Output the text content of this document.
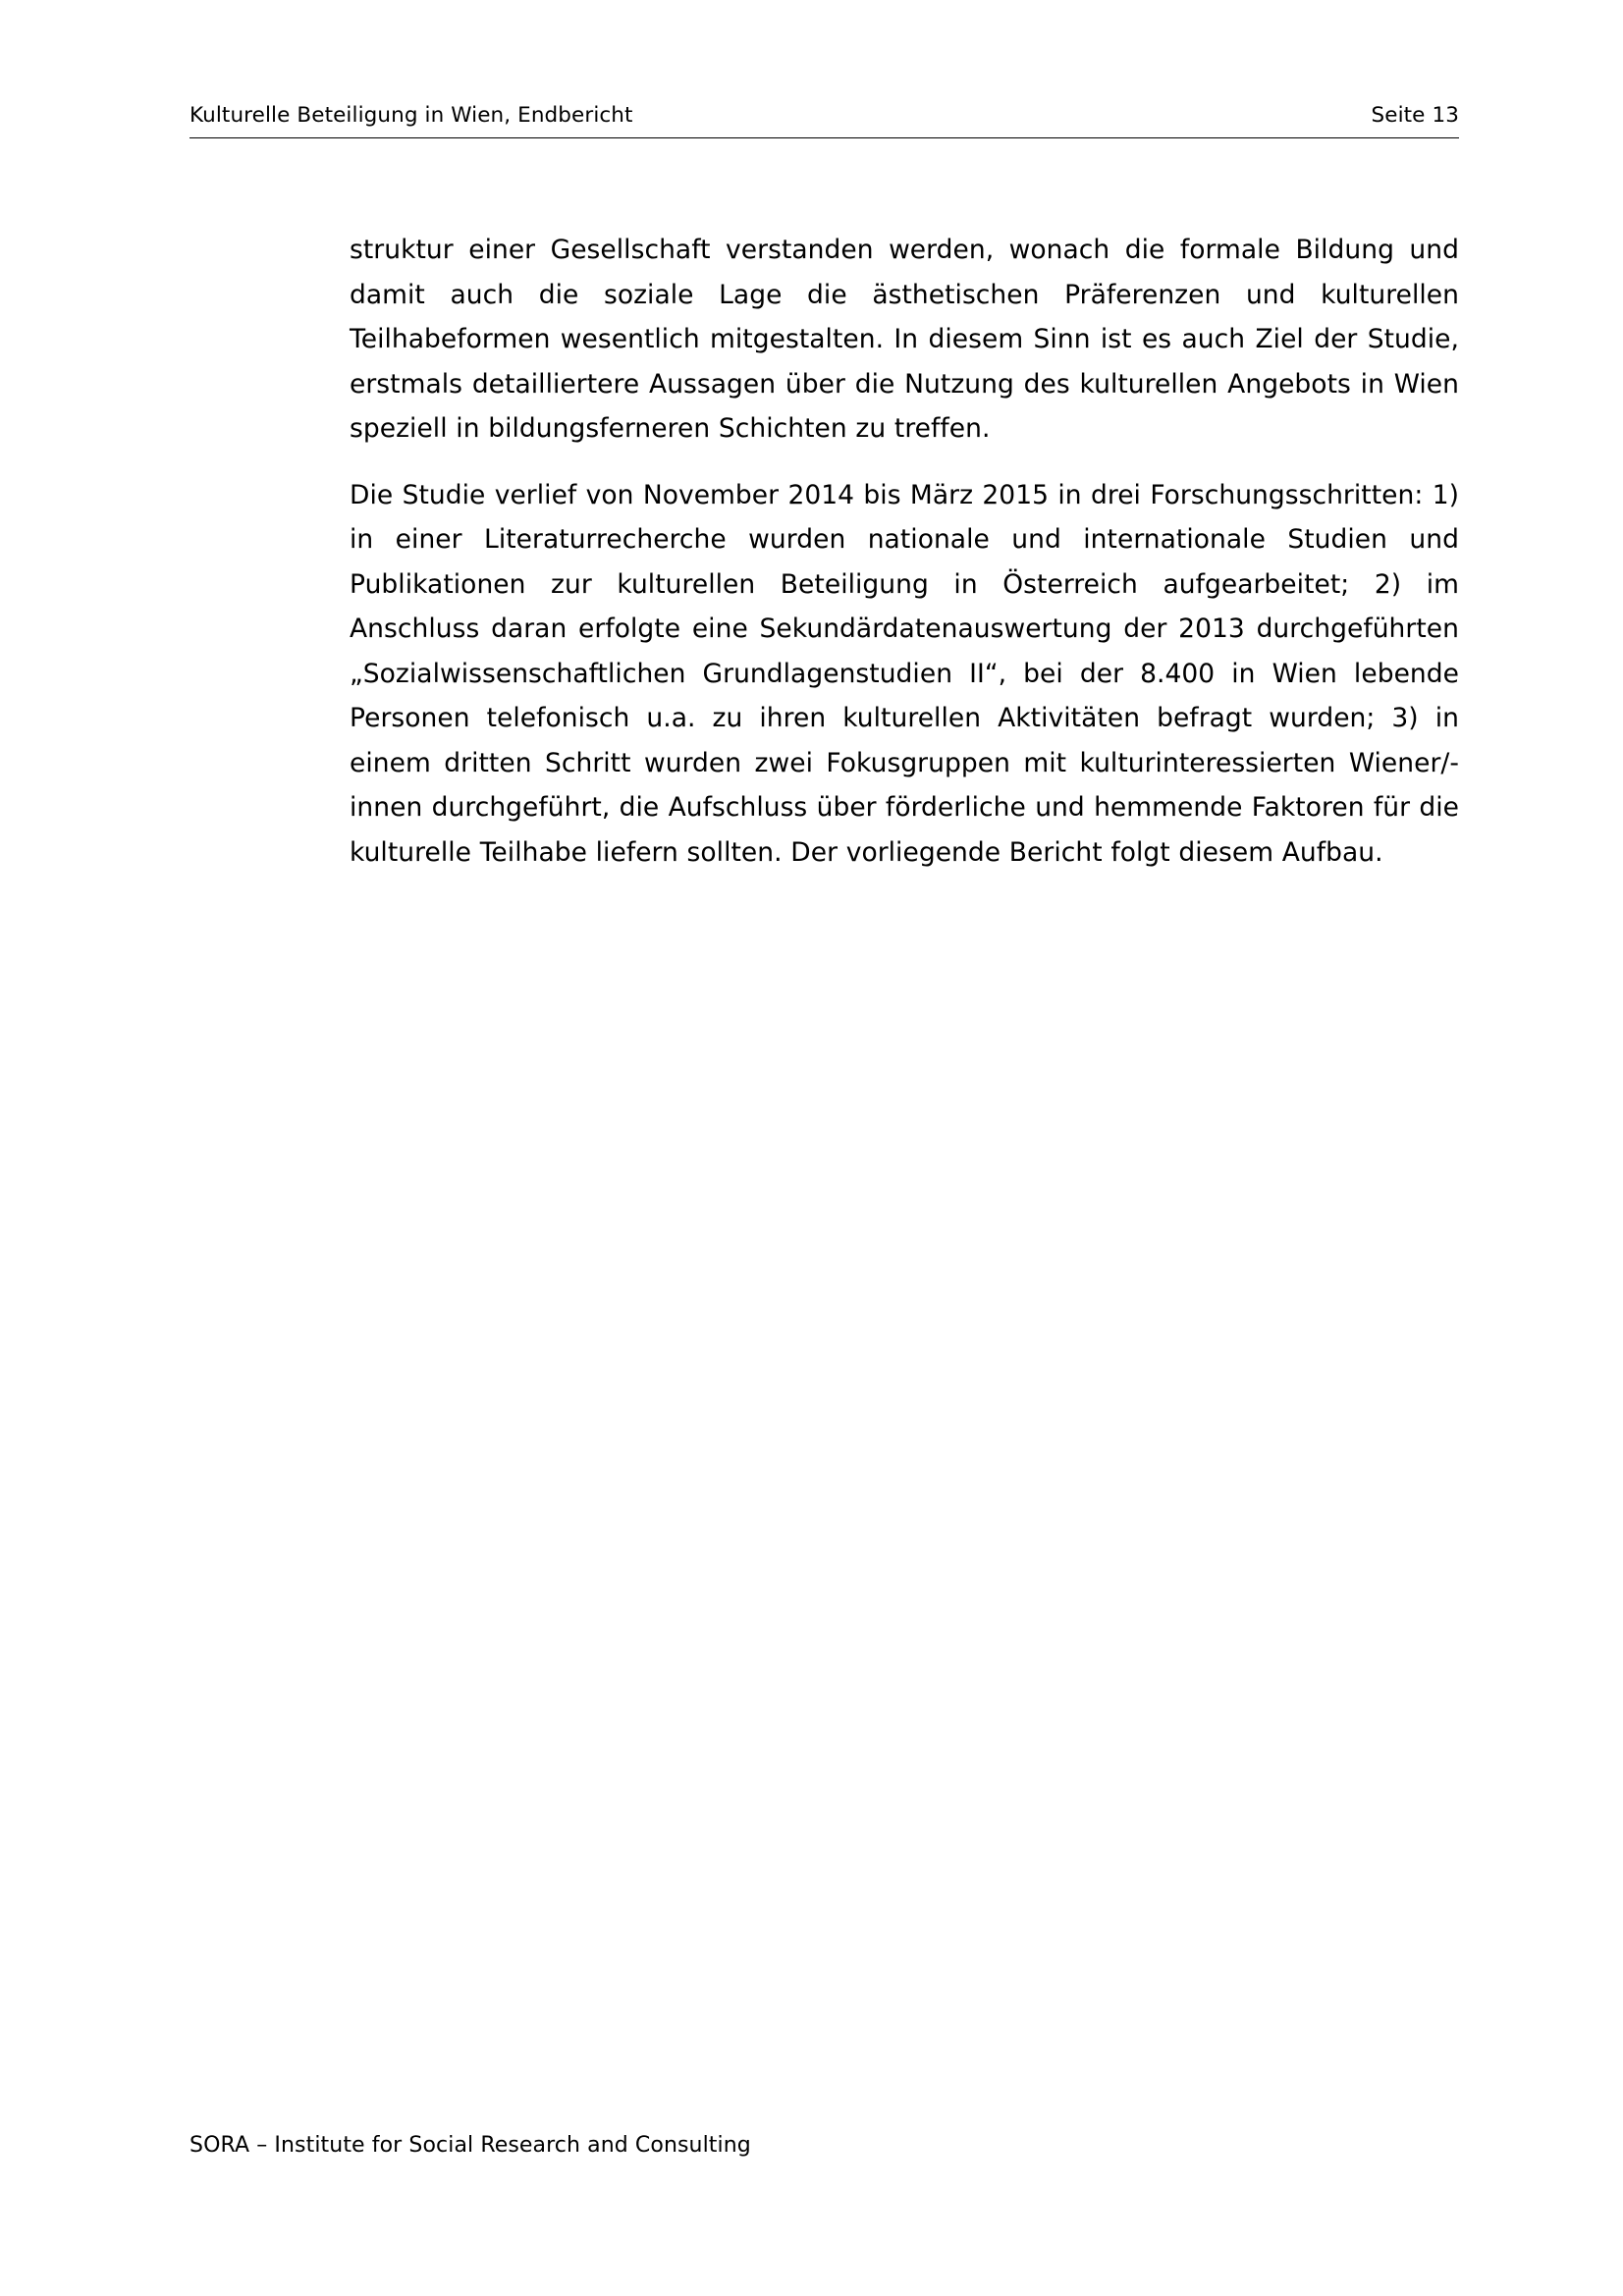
Kulturelle Beteiligung in Wien, Endbericht	Seite 13

struktur einer Gesellschaft verstanden werden, wonach die formale Bildung und damit auch die soziale Lage die ästhetischen Präferenzen und kulturellen Teilhabeformen wesentlich mitgestalten. In diesem Sinn ist es auch Ziel der Studie, erstmals detailliertere Aussagen über die Nutzung des kulturellen Angebots in Wien speziell in bildungsferneren Schichten zu treffen.

Die Studie verlief von November 2014 bis März 2015 in drei Forschungsschritten: 1) in einer Literaturrecherche wurden nationale und internationale Studien und Publikationen zur kulturellen Beteiligung in Österreich aufgearbeitet; 2) im Anschluss daran erfolgte eine Sekundärdatenauswertung der 2013 durchgeführten „Sozialwissenschaftlichen Grundlagenstudien II“, bei der 8.400 in Wien lebende Personen telefonisch u.a. zu ihren kulturellen Aktivitäten befragt wurden; 3) in einem dritten Schritt wurden zwei Fokusgruppen mit kulturinteressierten Wiener/-innen durchgeführt, die Aufschluss über förderliche und hemmende Faktoren für die kulturelle Teilhabe liefern sollten. Der vorliegende Bericht folgt diesem Aufbau.

SORA – Institute for Social Research and Consulting
